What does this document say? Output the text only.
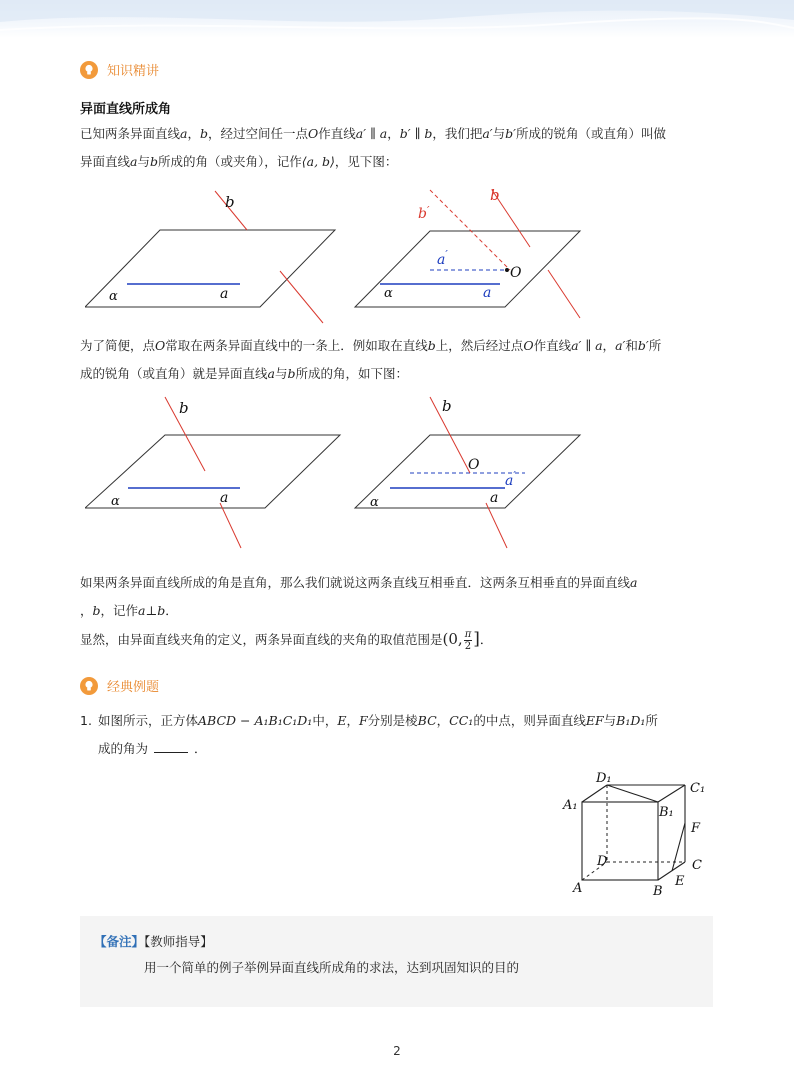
知识精讲
异面直线所成角
已知两条异面直线a，b，经过空间任一点O作直线a′ ∥ a，b′ ∥ b，我们把a′与b′所成的锐角（或直角）叫做
异面直线a与b所成的角（或夹角），记作⟨a, b⟩，见下图：
b
a
α
b
b′
a′
O
a
α
为了简便，点O常取在两条异面直线中的一条上．例如取在直线b上，然后经过点O作直线a′ ∥ a，a′和b′所
成的锐角（或直角）就是异面直线a与b所成的角，如下图：
b
a
α
b
O
a′
a
α
如果两条异面直线所成的角是直角，那么我们就说这两条直线互相垂直．这两条互相垂直的异面直线a
，b，记作a⊥b．
显然，由异面直线夹角的定义，两条异面直线的夹角的取值范围是(0, $\frac{\pi}{2}$ ]．
经典例题
1. 如图所示，正方体ABCD − A₁B₁C₁D₁中，E，F分别是棱BC，CC₁的中点，则异面直线EF与B₁D₁所
成的角为	．
D₁
C₁
A₁	B₁
F
D	C
E
A	B
【备注】【教师指导】
用一个简单的例子举例异面直线所成角的求法，达到巩固知识的目的
2
